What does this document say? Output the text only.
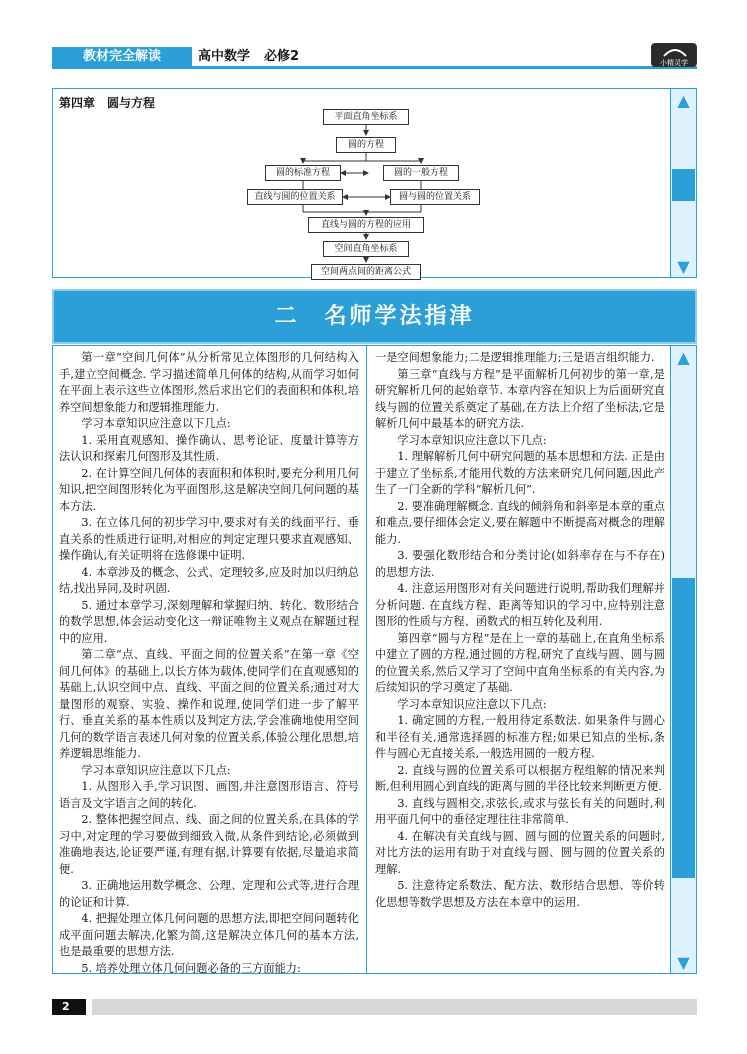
教材完全解读	高中数学 必修2	小精灵学
第四章　圆与方程
平面直角坐标系
圆的方程
圆的标准方程	圆的一般方程
直线与圆的位置关系	圆与圆的位置关系
直线与圆的方程的应用
空间直角坐标系
空间两点间的距离公式
▲
▼
二　名师学法指津

第一章“空间几何体”从分析常见立体图形的几何结构入手,建立空间概念. 学习描述简单几何体的结构,从而学习如何在平面上表示这些立体图形,然后求出它们的表面积和体积,培养空间想象能力和逻辑推理能力.

学习本章知识应注意以下几点:

1. 采用直观感知、操作确认、思考论证、度量计算等方法认识和探索几何图形及其性质.

2. 在计算空间几何体的表面积和体积时,要充分利用几何知识,把空间图形转化为平面图形,这是解决空间几何问题的基本方法.

3. 在立体几何的初步学习中,要求对有关的线面平行、垂直关系的性质进行证明,对相应的判定定理只要求直观感知、操作确认,有关证明将在选修课中证明.

4. 本章涉及的概念、公式、定理较多,应及时加以归纳总结,找出异同,及时巩固.

5. 通过本章学习,深刻理解和掌握归纳、转化、数形结合的数学思想,体会运动变化这一辩证唯物主义观点在解题过程中的应用.

第二章“点、直线、平面之间的位置关系”在第一章《空间几何体》的基础上,以长方体为载体,使同学们在直观感知的基础上,认识空间中点、直线、平面之间的位置关系;通过对大量图形的观察、实验、操作和说理,使同学们进一步了解平行、垂直关系的基本性质以及判定方法,学会准确地使用空间几何的数学语言表述几何对象的位置关系,体验公理化思想,培养逻辑思维能力.

学习本章知识应注意以下几点:

1. 从图形入手,学习识图、画图,并注意图形语言、符号语言及文字语言之间的转化.

2. 整体把握空间点、线、面之间的位置关系,在具体的学习中,对定理的学习要做到细致入微,从条件到结论,必须做到准确地表达,论证要严谨,有理有据,计算要有依据,尽量追求简便.

3. 正确地运用数学概念、公理、定理和公式等,进行合理的论证和计算.

4. 把握处理立体几何问题的思想方法,即把空间问题转化成平面问题去解决,化繁为简,这是解决立体几何的基本方法,也是最重要的思想方法.

5. 培养处理立体几何问题必备的三方面能力:

一是空间想象能力;二是逻辑推理能力;三是语言组织能力.

第三章“直线与方程”是平面解析几何初步的第一章,是研究解析几何的起始章节. 本章内容在知识上为后面研究直线与圆的位置关系奠定了基础,在方法上介绍了坐标法,它是解析几何中最基本的研究方法.

学习本章知识应注意以下几点:

1. 理解解析几何中研究问题的基本思想和方法. 正是由于建立了坐标系,才能用代数的方法来研究几何问题,因此产生了一门全新的学科“解析几何”.

2. 要准确理解概念. 直线的倾斜角和斜率是本章的重点和难点,要仔细体会定义,要在解题中不断提高对概念的理解能力.

3. 要强化数形结合和分类讨论(如斜率存在与不存在)的思想方法.

4. 注意运用图形对有关问题进行说明,帮助我们理解并分析问题. 在直线方程、距离等知识的学习中,应特别注意图形的性质与方程、函数式的相互转化及利用.

第四章“圆与方程”是在上一章的基础上,在直角坐标系中建立了圆的方程,通过圆的方程,研究了直线与圆、圆与圆的位置关系,然后又学习了空间中直角坐标系的有关内容,为后续知识的学习奠定了基础.

学习本章知识应注意以下几点:

1. 确定圆的方程,一般用待定系数法. 如果条件与圆心和半径有关,通常选择圆的标准方程;如果已知点的坐标,条件与圆心无直接关系,一般选用圆的一般方程.

2. 直线与圆的位置关系可以根据方程组解的情况来判断,但利用圆心到直线的距离与圆的半径比较来判断更方便.

3. 直线与圆相交,求弦长,或求与弦长有关的问题时,利用平面几何中的垂径定理往往非常简单.

4. 在解决有关直线与圆、圆与圆的位置关系的问题时,对比方法的运用有助于对直线与圆、圆与圆的位置关系的理解.

5. 注意待定系数法、配方法、数形结合思想、等价转化思想等数学思想及方法在本章中的运用.

▲
▼
2
